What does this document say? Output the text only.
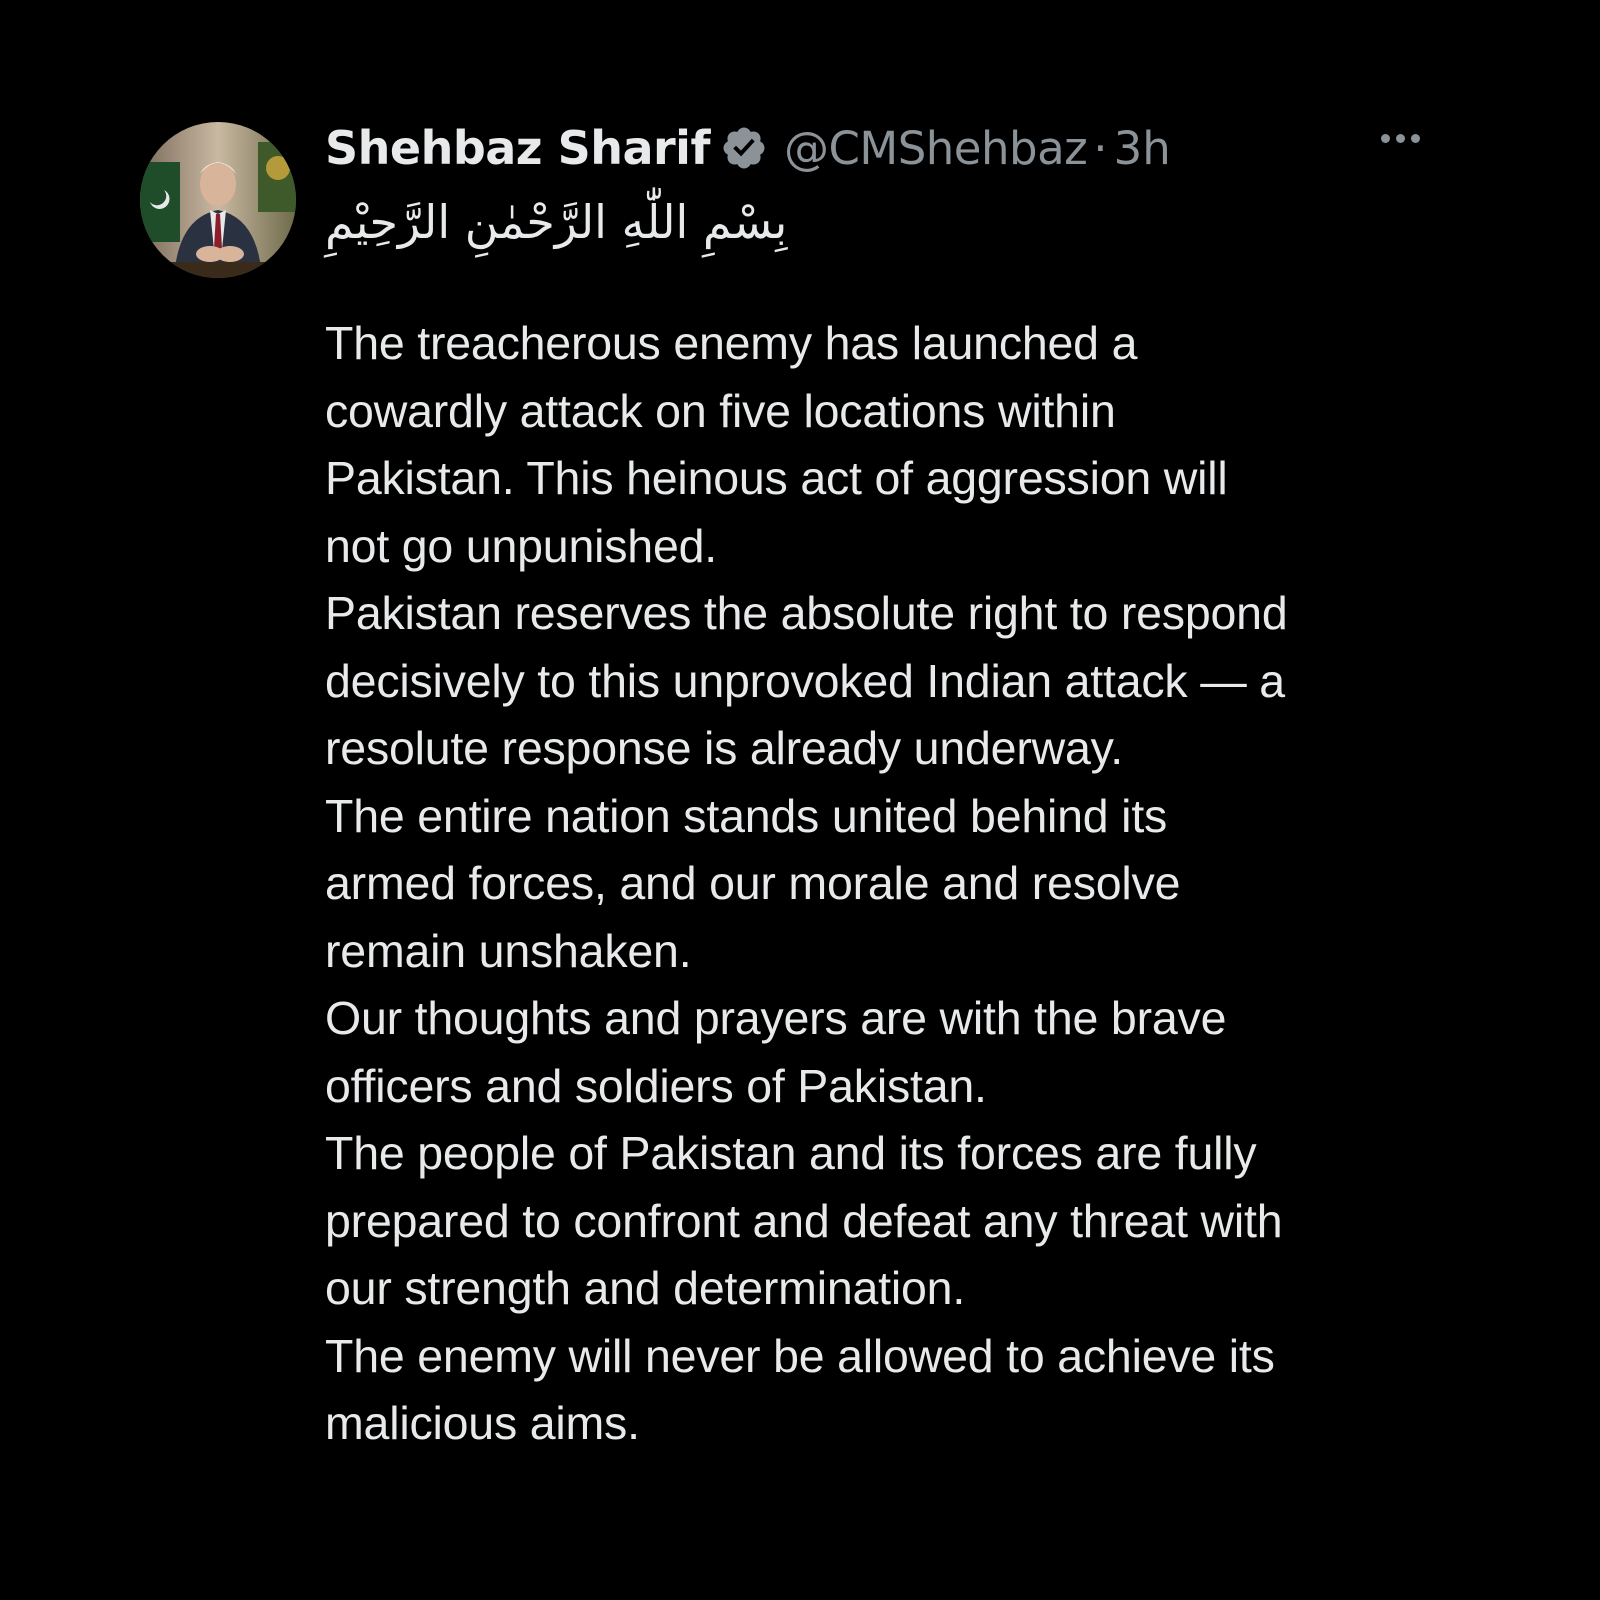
Shehbaz Sharif @CMShehbaz · 3h
بِسْمِ اللّٰهِ الرَّحْمٰنِ الرَّحِيْمِ
The treacherous enemy has launched a
cowardly attack on five locations within
Pakistan. This heinous act of aggression will
not go unpunished.
Pakistan reserves the absolute right to respond
decisively to this unprovoked Indian attack — a
resolute response is already underway.
The entire nation stands united behind its
armed forces, and our morale and resolve
remain unshaken.
Our thoughts and prayers are with the brave
officers and soldiers of Pakistan.
The people of Pakistan and its forces are fully
prepared to confront and defeat any threat with
our strength and determination.
The enemy will never be allowed to achieve its
malicious aims.
